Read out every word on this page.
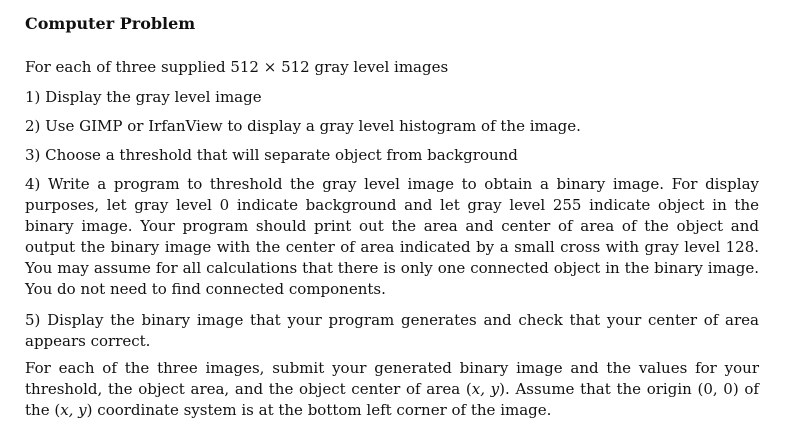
Computer Problem
For each of three supplied 512 × 512 gray level images
1) Display the gray level image
2) Use GIMP or IrfanView to display a gray level histogram of the image.
3) Choose a threshold that will separate object from background
4) Write a program to threshold the gray level image to obtain a binary image. For display purposes, let gray level 0 indicate background and let gray level 255 indicate object in the binary image. Your program should print out the area and center of area of the object and output the binary image with the center of area indicated by a small cross with gray level 128. You may assume for all calculations that there is only one connected object in the binary image. You do not need to find connected components.
5) Display the binary image that your program generates and check that your center of area appears correct.
For each of the three images, submit your generated binary image and the values for your threshold, the object area, and the object center of area (x, y). Assume that the origin (0, 0) of the (x, y) coordinate system is at the bottom left corner of the image.
